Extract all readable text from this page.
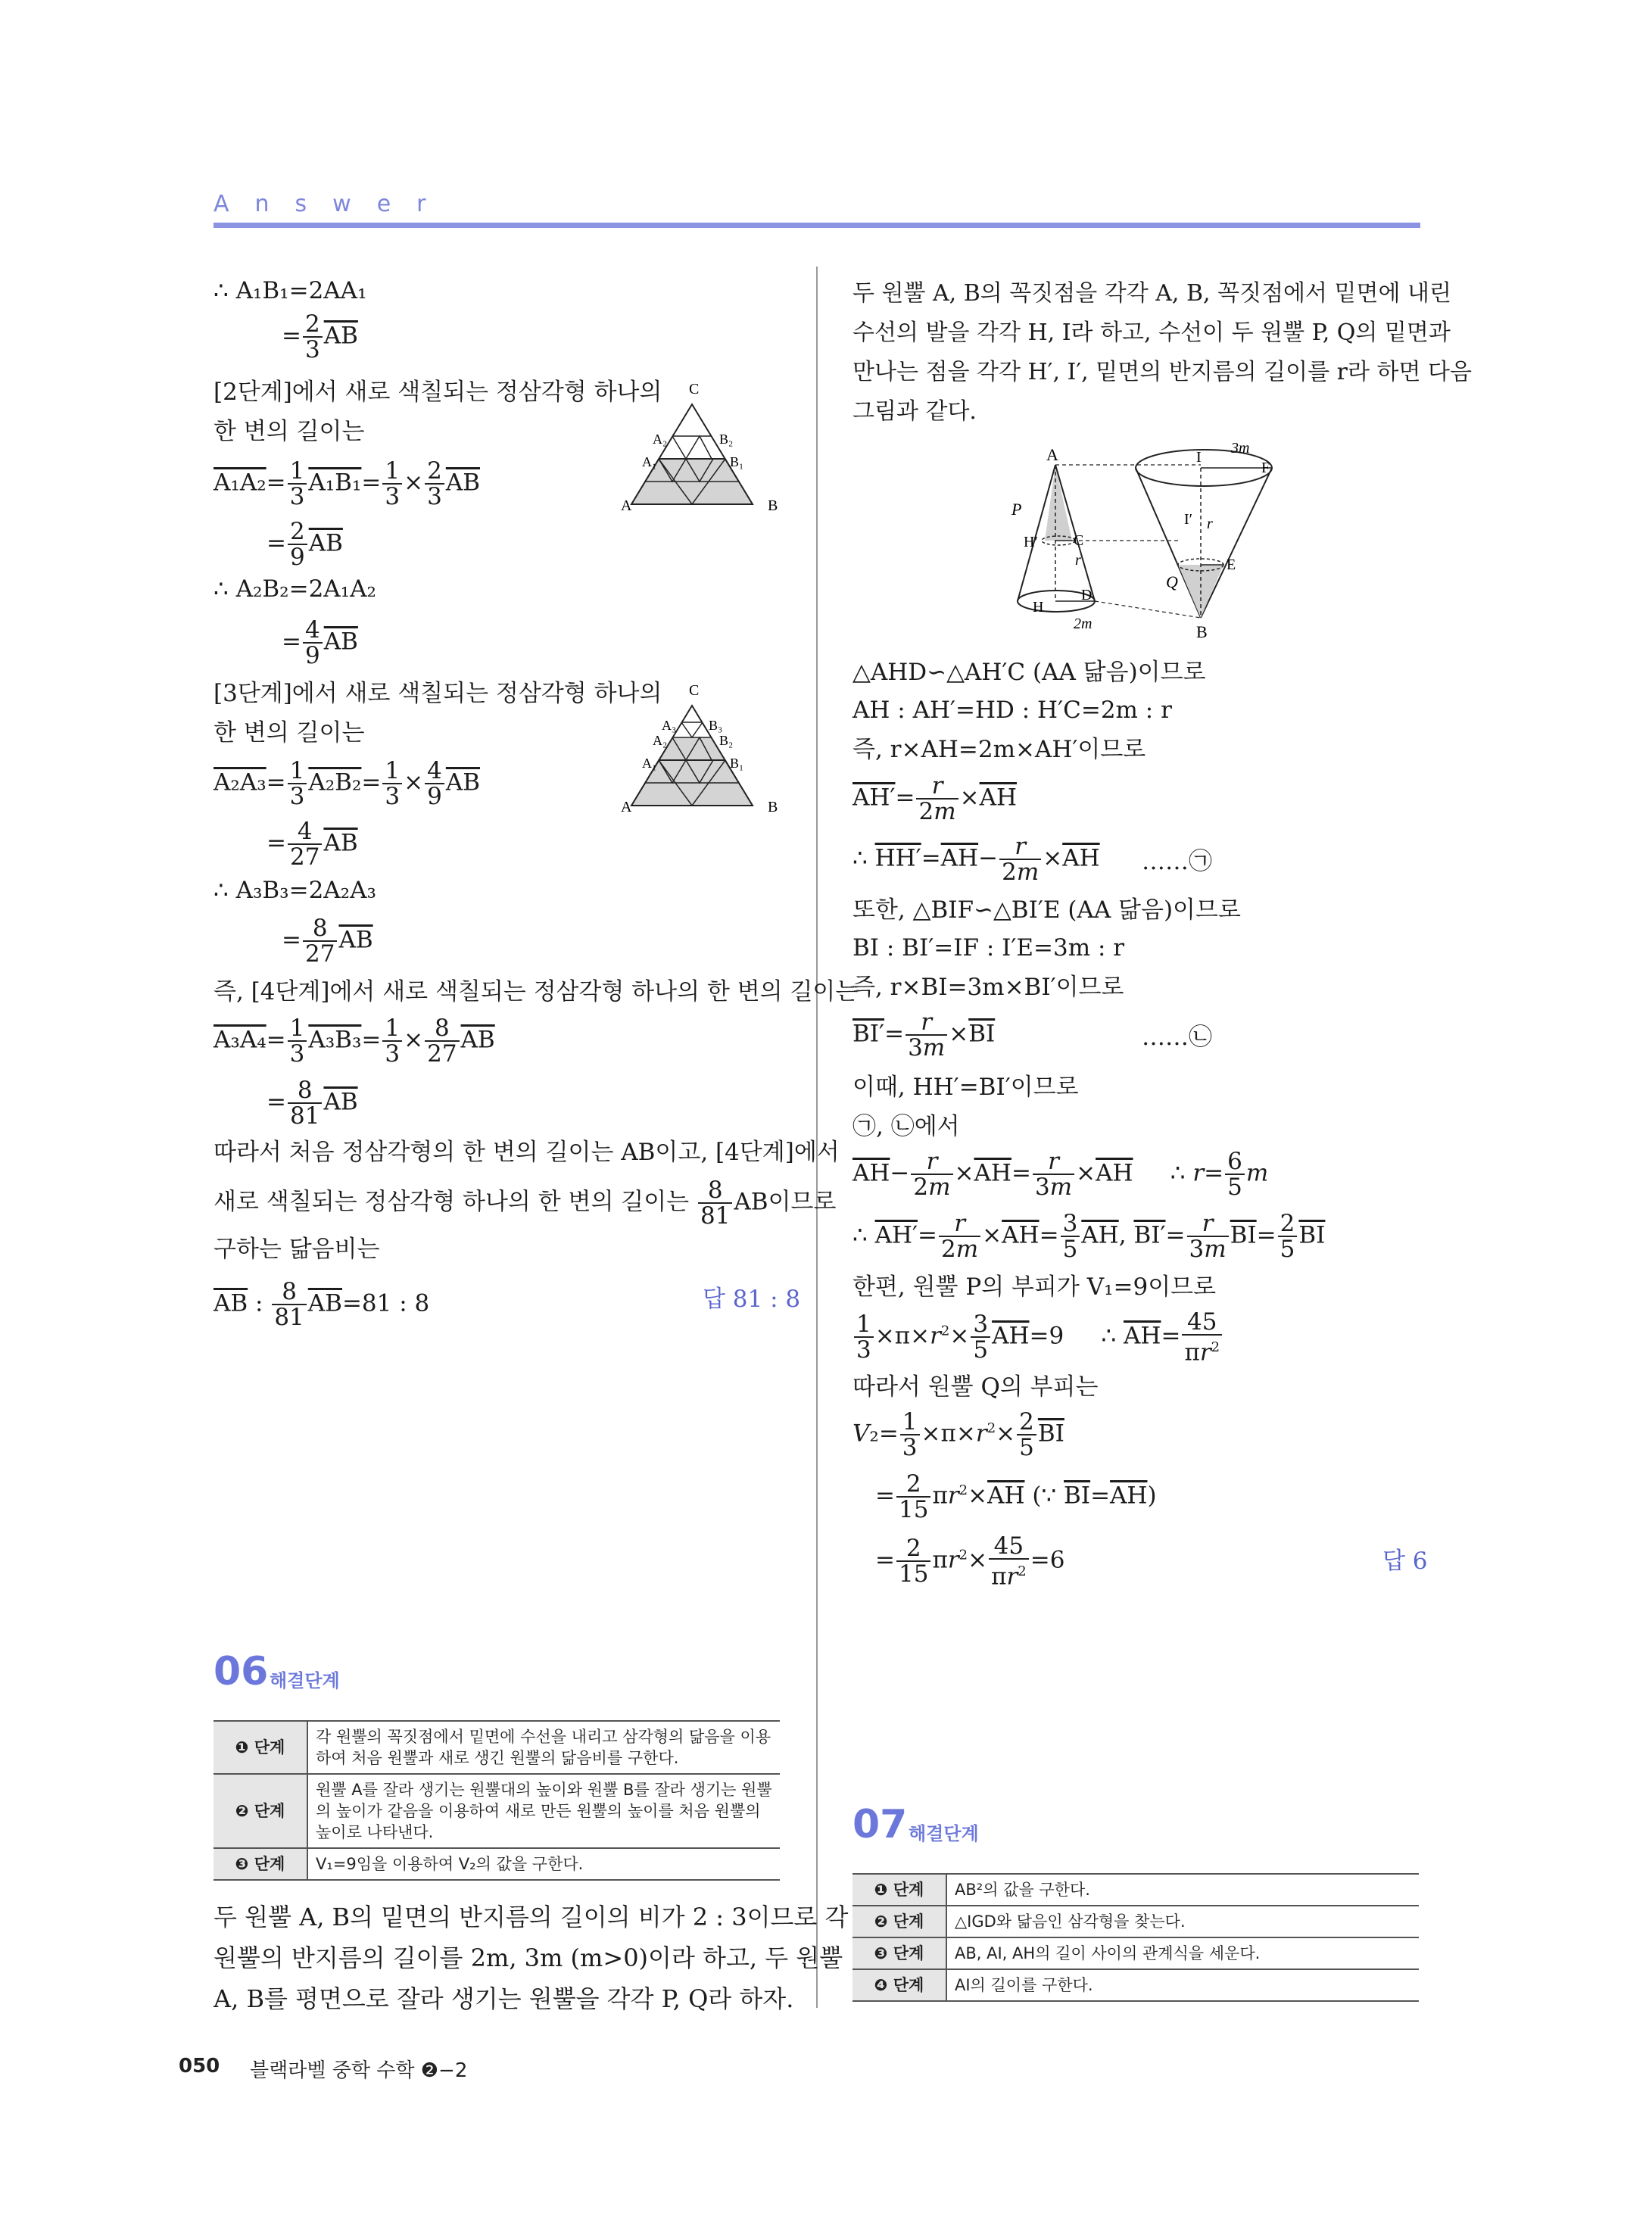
Answer
∴ A₁B₁=2AA₁
= $\frac{2}{3} \overline{AB}$
[2단계]에서 새로 색칠되는 정삼각형 하나의
한 변의 길이는
$A_1A_2= \frac{1}{3} A_1B_1= \frac{1}{3} \times \frac{2}{3} \overline{AB}$
= $\frac{2}{9} \overline{AB}$
∴ A₂B₂=2A₁A₂
= $\frac{4}{9} \overline{AB}$
[3단계]에서 새로 색칠되는 정삼각형 하나의
한 변의 길이는
$A_2A_3= \frac{1}{3} A_2B_2= \frac{1}{3} \times \frac{4}{9} \overline{AB}$
= $\frac{4}{27} \overline{AB}$
∴ A₃B₃=2A₂A₃
= $\frac{8}{27} \overline{AB}$
즉, [4단계]에서 새로 색칠되는 정삼각형 하나의 한 변의 길이는
$A_3A_4= \frac{1}{3} A_3B_3= \frac{1}{3} \times \frac{8}{27} \overline{AB}$
= $\frac{8}{81} \overline{AB}$
따라서 처음 정삼각형의 한 변의 길이는 AB이고, [4단계]에서
새로 색칠되는 정삼각형 하나의 한 변의 길이는 $\frac{8}{81}$ AB이므로
구하는 닮음비는
$\overline{AB}$ : $\frac{8}{81} \overline{AB}=81$ : 8	답 81 : 8
C
A₂
A₁
A
B₂
B₁
B
C
A₃
A₂
A₁
A
B₃
B₂
B₁
B
06 해결단계
❶ 단계	각 원뿔의 꼭짓점에서 밑면에 수선을 내리고 삼각형의 닮음을 이용하여 처음 원뿔과 새로 생긴 원뿔의 닮음비를 구한다.
❷ 단계	원뿔 A를 잘라 생기는 원뿔대의 높이와 원뿔 B를 잘라 생기는 원뿔의 높이가 같음을 이용하여 새로 만든 원뿔의 높이를 처음 원뿔의 높이로 나타낸다.
❸ 단계	V₁=9임을 이용하여 V₂의 값을 구한다.
두 원뿔 A, B의 밑면의 반지름의 길이의 비가 2 : 3이므로 각
원뿔의 반지름의 길이를 2m, 3m (m>0)이라 하고, 두 원뿔
A, B를 평면으로 잘라 생기는 원뿔을 각각 P, Q라 하자.
두 원뿔 A, B의 꼭짓점을 각각 A, B, 꼭짓점에서 밑면에 내린
수선의 발을 각각 H, I라 하고, 수선이 두 원뿔 P, Q의 밑면과
만나는 점을 각각 H′, I′, 밑면의 반지름의 길이를 r라 하면 다음
그림과 같다.
A
P
H′ C
r
D
H
2m
I
3m
F
I′ r
E
Q
B
△AHD∽△AH′C (AA 닮음)이므로
AH : AH′=HD : H′C=2m : r
즉, r×AH=2m×AH′이므로
$AH'= \frac{r}{2m} \times\overline{AH}$
∴ $HH'=\overline{AH}- \frac{r}{2m} \times\overline{AH}$ ……㉠
또한, △BIF∽△BI′E (AA 닮음)이므로
BI : BI′=IF : I′E=3m : r
즉, r×BI=3m×BI′이므로
$BI'= \frac{r}{3m} \times\overline{BI}$	……㉡
이때, HH′=BI′이므로
㉠, ㉡에서
$\overline{AH}- \frac{r}{2m} \times\overline{AH}= \frac{r}{3m} \times\overline{AH}$     ∴ $r= \frac{6}{5}$ m
∴ $AH'= \frac{r}{2m} \times\overline{AH}= \frac{3}{5} \overline{AH}$, $BI'= \frac{r}{3m} \overline{BI}= \frac{2}{5} \overline{BI}$
한편, 원뿔 P의 부피가 V₁=9이므로
$\frac{1}{3} \times\pi\times r^2\times \frac{3}{5} \overline{AH}=9$     ∴ $\overline{AH}= \frac{45}{\pi r^2}$
따라서 원뿔 Q의 부피는
$V_2= \frac{1}{3} \times\pi\times r^2\times \frac{2}{5} \overline{BI}$
= $\frac{2}{15} \pi r^2\times\overline{AH}$ (∵ $\overline{BI}=\overline{AH}$)
= $\frac{2}{15} \pi r^2\times \frac{45}{\pi r^2} =6$	답 6
07 해결단계
❶ 단계	AB²의 값을 구한다.
❷ 단계	△IGD와 닮음인 삼각형을 찾는다.
❸ 단계	AB, AI, AH의 길이 사이의 관계식을 세운다.
❹ 단계	AI의 길이를 구한다.
050 블랙라벨 중학 수학 ❷−2
